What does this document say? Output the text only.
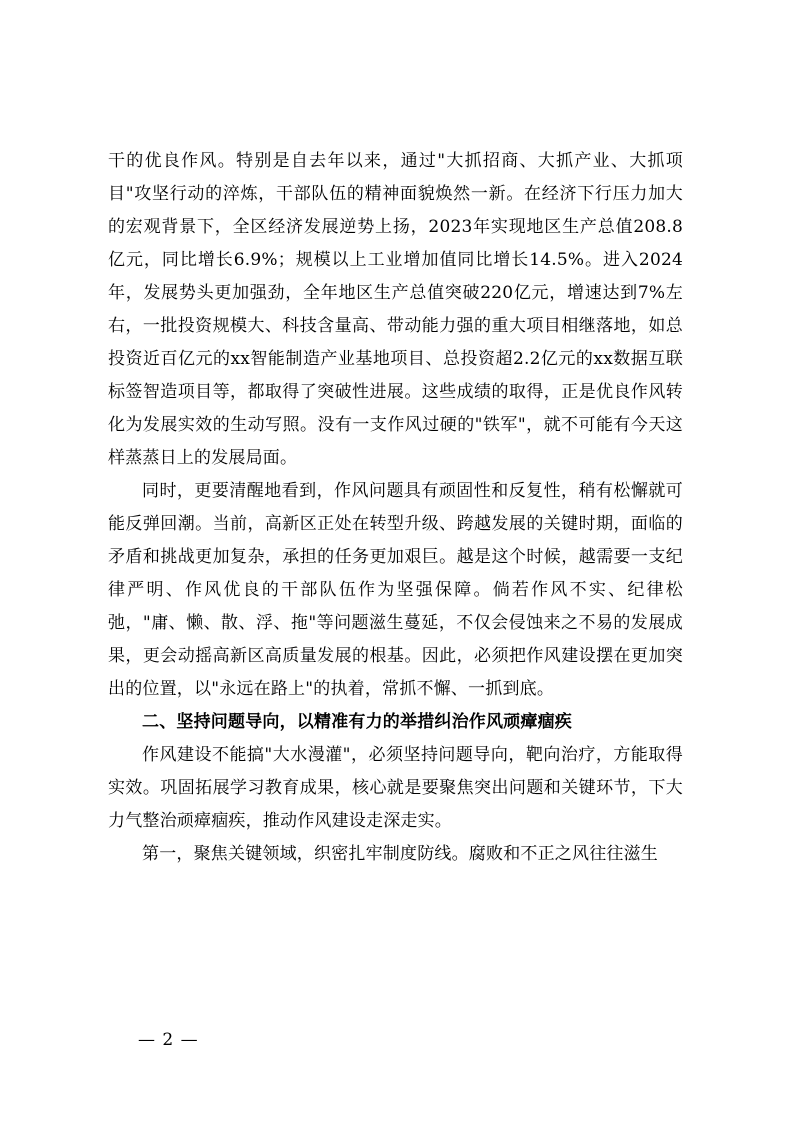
干的优良作风。特别是自去年以来，通过"大抓招商、大抓产业、大抓项目"攻坚行动的淬炼，干部队伍的精神面貌焕然一新。在经济下行压力加大的宏观背景下，全区经济发展逆势上扬，2023年实现地区生产总值208.8亿元，同比增长6.9%；规模以上工业增加值同比增长14.5%。进入2024年，发展势头更加强劲，全年地区生产总值突破220亿元，增速达到7%左右，一批投资规模大、科技含量高、带动能力强的重大项目相继落地，如总投资近百亿元的xx智能制造产业基地项目、总投资超2.2亿元的xx数据互联标签智造项目等，都取得了突破性进展。这些成绩的取得，正是优良作风转化为发展实效的生动写照。没有一支作风过硬的"铁军"，就不可能有今天这样蒸蒸日上的发展局面。

同时，更要清醒地看到，作风问题具有顽固性和反复性，稍有松懈就可能反弹回潮。当前，高新区正处在转型升级、跨越发展的关键时期，面临的矛盾和挑战更加复杂，承担的任务更加艰巨。越是这个时候，越需要一支纪律严明、作风优良的干部队伍作为坚强保障。倘若作风不实、纪律松弛，"庸、懒、散、浮、拖"等问题滋生蔓延，不仅会侵蚀来之不易的发展成果，更会动摇高新区高质量发展的根基。因此，必须把作风建设摆在更加突出的位置，以"永远在路上"的执着，常抓不懈、一抓到底。

二、坚持问题导向，以精准有力的举措纠治作风顽瘴痼疾

作风建设不能搞"大水漫灌"，必须坚持问题导向，靶向治疗，方能取得实效。巩固拓展学习教育成果，核心就是要聚焦突出问题和关键环节，下大力气整治顽瘴痼疾，推动作风建设走深走实。

第一，聚焦关键领域，织密扎牢制度防线。腐败和不正之风往往滋生

— 2 —
